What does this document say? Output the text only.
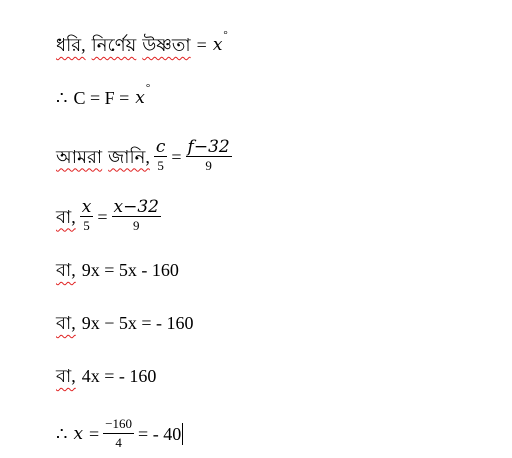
ধরি, নির্ণেয় উষ্ণতা = x °
∴ C = F = x °
আমরা জানি, $\frac{c}{5} = \frac{f-32}{9}$
বা, $\frac{x}{5} = \frac{x-32}{9}$
বা, 9x = 5x - 160
বা, 9x − 5x = - 160
বা, 4x = - 160
∴ $x = \frac{-160}{4}$ = - 40
